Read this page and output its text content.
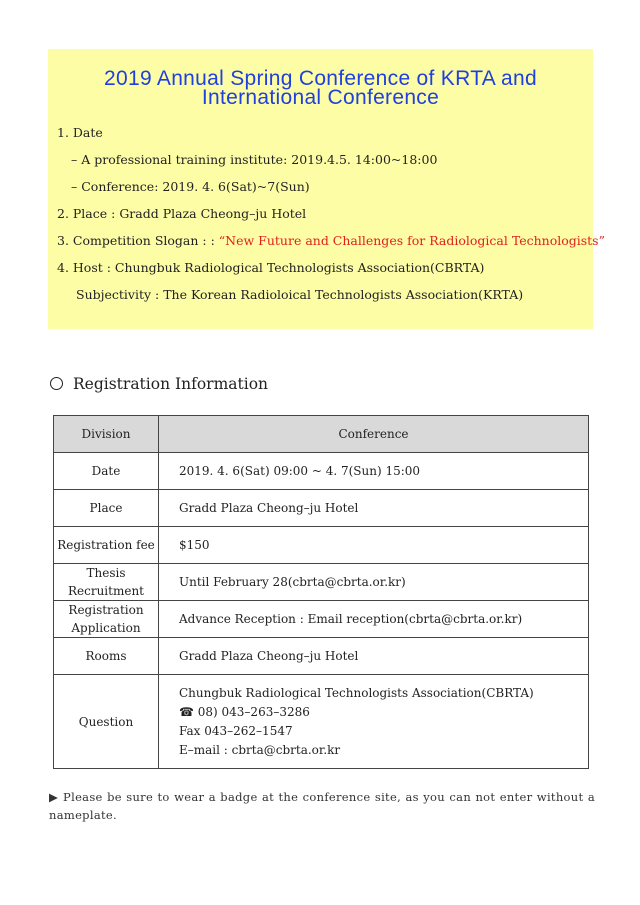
2019 Annual Spring Conference of KRTA and
International Conference
1. Date
– A professional training institute: 2019.4.5. 14:00~18:00
– Conference: 2019. 4. 6(Sat)~7(Sun)
2. Place : Gradd Plaza Cheong–ju Hotel
3. Competition Slogan : : “New Future and Challenges for Radiological Technologists”
4. Host : Chungbuk Radiological Technologists Association(CBRTA)
Subjectivity : The Korean Radioloical Technologists Association(KRTA)
Registration Information
Division	Conference
Date	2019. 4. 6(Sat) 09:00 ~ 4. 7(Sun) 15:00
Place	Gradd Plaza Cheong–ju Hotel
Registration fee	$150

Thesis
Recruitment	Until February 28(cbrta@cbrta.or.kr)

Registration
Application	Advance Reception : Email reception(cbrta@cbrta.or.kr)
Rooms	Gradd Plaza Cheong–ju Hotel
Question	Chungbuk Radiological Technologists Association(CBRTA)
☎ 08) 043–263–3286
Fax 043–262–1547
E–mail : cbrta@cbrta.or.kr
▶ Please be sure to wear a badge at the conference site, as you can not enter without a nameplate.
